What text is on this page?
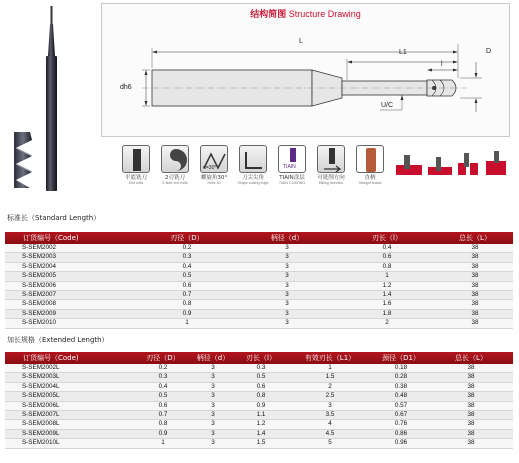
结构简图 Structure Drawing
L
L1
l
D
dh6
U/C
平底铣刀
End mills
2刃铣刀
2-flute end mills
α=30°
螺旋角30°
Helix 30
刀尖尖角
Shape cutting edge
TIAIN
TIAIN涂层
TIAIN COATING
可铣削方向
Milling direction
直柄
Straight shank
标准长（Standard Length）
订货编号（Code)	刃径（D）	柄径（d）	刃长（l）	总长（L）
S-SEM2002	0.2	3	0.4	38
S-SEM2003	0.3	3	0.6	38
S-SEM2004	0.4	3	0.8	38
S-SEM2005	0.5	3	1	38
S-SEM2006	0.6	3	1.2	38
S-SEM2007	0.7	3	1.4	38
S-SEM2008	0.8	3	1.6	38
S-SEM2009	0.9	3	1.8	38
S-SEM2010	1	3	2	38
加长规格（Extended Length）
订货编号（Code)	刃径（D）	柄径（d）	刃长（l）	有效刃长（L1）	颈径（D1）	总长（L）
S-SEM2002L	0.2	3	0.3	1	0.18	38
S-SEM2003L	0.3	3	0.5	1.5	0.28	38
S-SEM2004L	0.4	3	0.6	2	0.38	38
S-SEM2005L	0.5	3	0.8	2.5	0.48	38
S-SEM2006L	0.6	3	0.9	3	0.57	38
S-SEM2007L	0.7	3	1.1	3.5	0.67	38
S-SEM2008L	0.8	3	1.2	4	0.76	38
S-SEM2009L	0.9	3	1.4	4.5	0.86	38
S-SEM2010L	1	3	1.5	5	0.96	38
